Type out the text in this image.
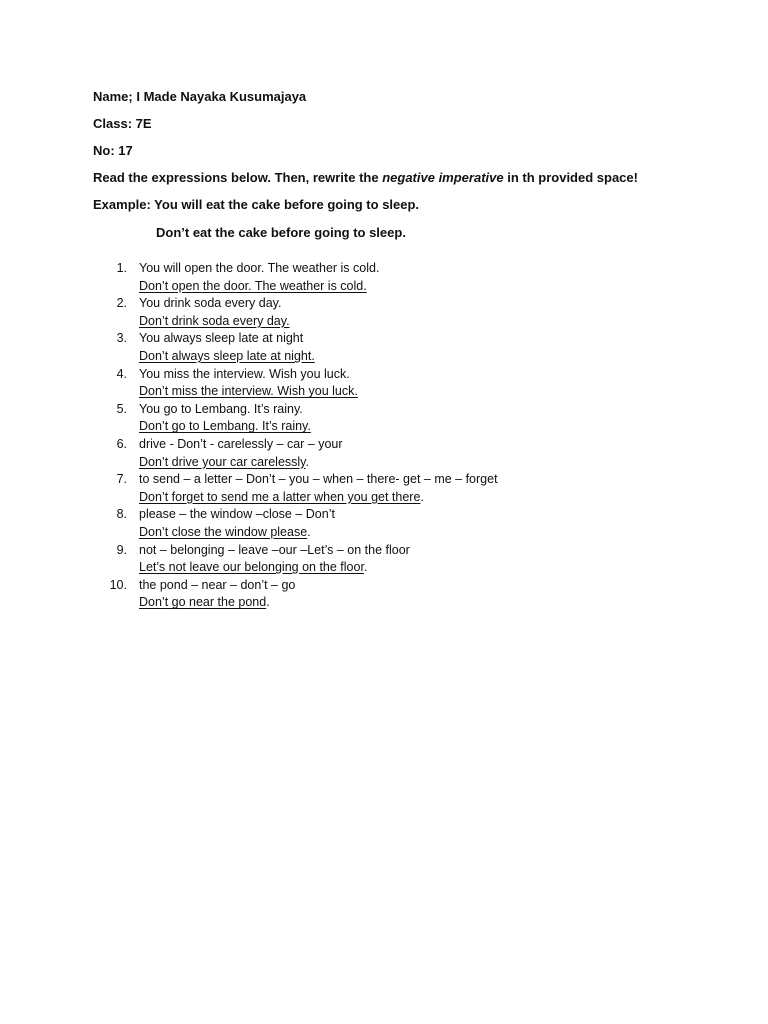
Name; I Made Nayaka Kusumajaya
Class: 7E
No: 17
Read the expressions below. Then, rewrite the negative imperative in th provided space!
Example: You will eat the cake before going to sleep.
Don’t eat the cake before going to sleep.
1. You will open the door. The weather is cold.
Don’t open the door. The weather is cold.
2. You drink soda every day.
Don’t drink soda every day.
3. You always sleep late at night
Don’t always sleep late at night.
4. You miss the interview. Wish you luck.
Don’t miss the interview. Wish you luck.
5. You go to Lembang. It’s rainy.
Don’t go to Lembang. It’s rainy.
6. drive - Don’t - carelessly – car – your
Don’t drive your car carelessly.
7. to send – a letter – Don’t – you – when – there- get – me – forget
Don’t forget to send me a latter when you get there.
8. please – the window –close – Don’t
Don’t close the window please.
9. not – belonging – leave –our –Let’s – on the floor
Let’s not leave our belonging on the floor.
10. the pond – near – don’t – go
Don’t go near the pond.
